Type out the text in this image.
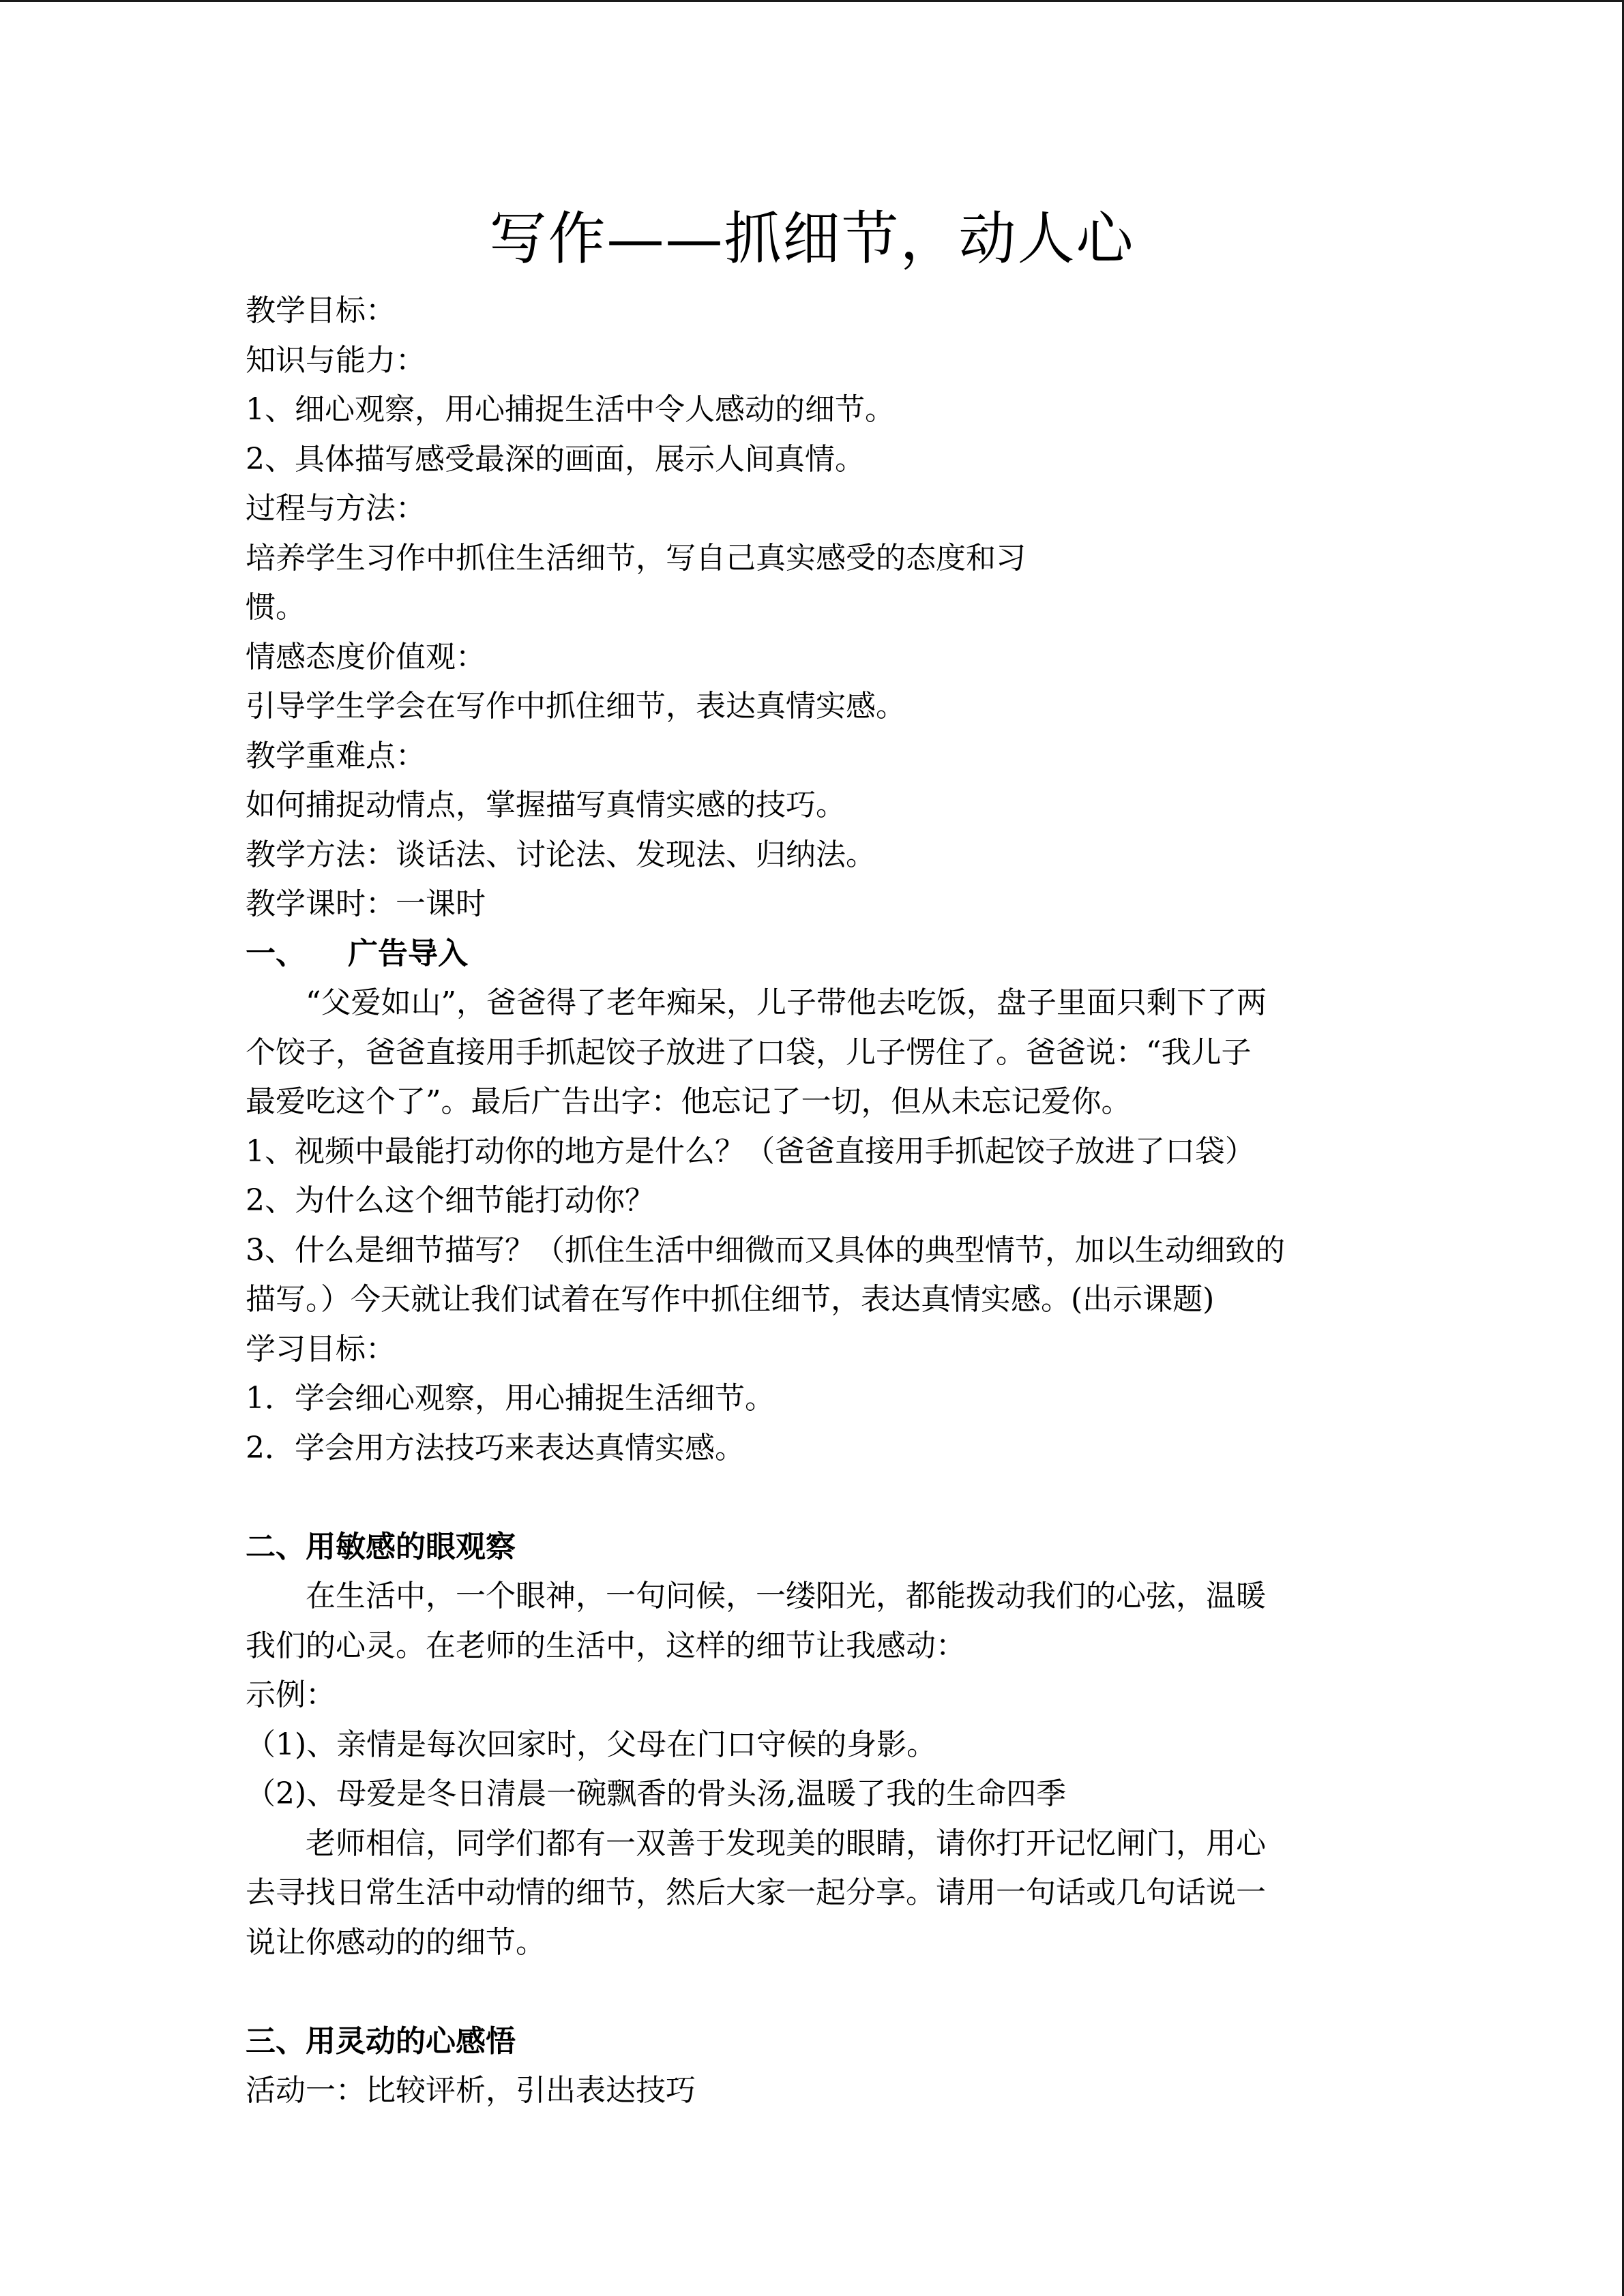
写作——抓细节，动人心
教学目标：
知识与能力：
1、细心观察，用心捕捉生活中令人感动的细节。
2、具体描写感受最深的画面，展示人间真情。
过程与方法：
培养学生习作中抓住生活细节，写自己真实感受的态度和习
惯。
情感态度价值观：
引导学生学会在写作中抓住细节，表达真情实感。
教学重难点：
如何捕捉动情点，掌握描写真情实感的技巧。
教学方法：谈话法、讨论法、发现法、归纳法。
教学课时：一课时
一、 广告导入
“父爱如山”，爸爸得了老年痴呆，儿子带他去吃饭，盘子里面只剩下了两
个饺子，爸爸直接用手抓起饺子放进了口袋，儿子愣住了。爸爸说：“我儿子
最爱吃这个了”。最后广告出字：他忘记了一切，但从未忘记爱你。
1、视频中最能打动你的地方是什么？（爸爸直接用手抓起饺子放进了口袋）
2、为什么这个细节能打动你？
3、什么是细节描写？（抓住生活中细微而又具体的典型情节，加以生动细致的
描写。）今天就让我们试着在写作中抓住细节，表达真情实感。(出示课题)
学习目标：
1．学会细心观察，用心捕捉生活细节。
2．学会用方法技巧来表达真情实感。
二、用敏感的眼观察
在生活中，一个眼神，一句问候，一缕阳光，都能拨动我们的心弦，温暖
我们的心灵。在老师的生活中，这样的细节让我感动：
示例：
（1)、亲情是每次回家时，父母在门口守候的身影。
（2)、母爱是冬日清晨一碗飘香的骨头汤,温暖了我的生命四季
老师相信，同学们都有一双善于发现美的眼睛，请你打开记忆闸门，用心
去寻找日常生活中动情的细节，然后大家一起分享。请用一句话或几句话说一
说让你感动的的细节。
三、用灵动的心感悟
活动一：比较评析，引出表达技巧
